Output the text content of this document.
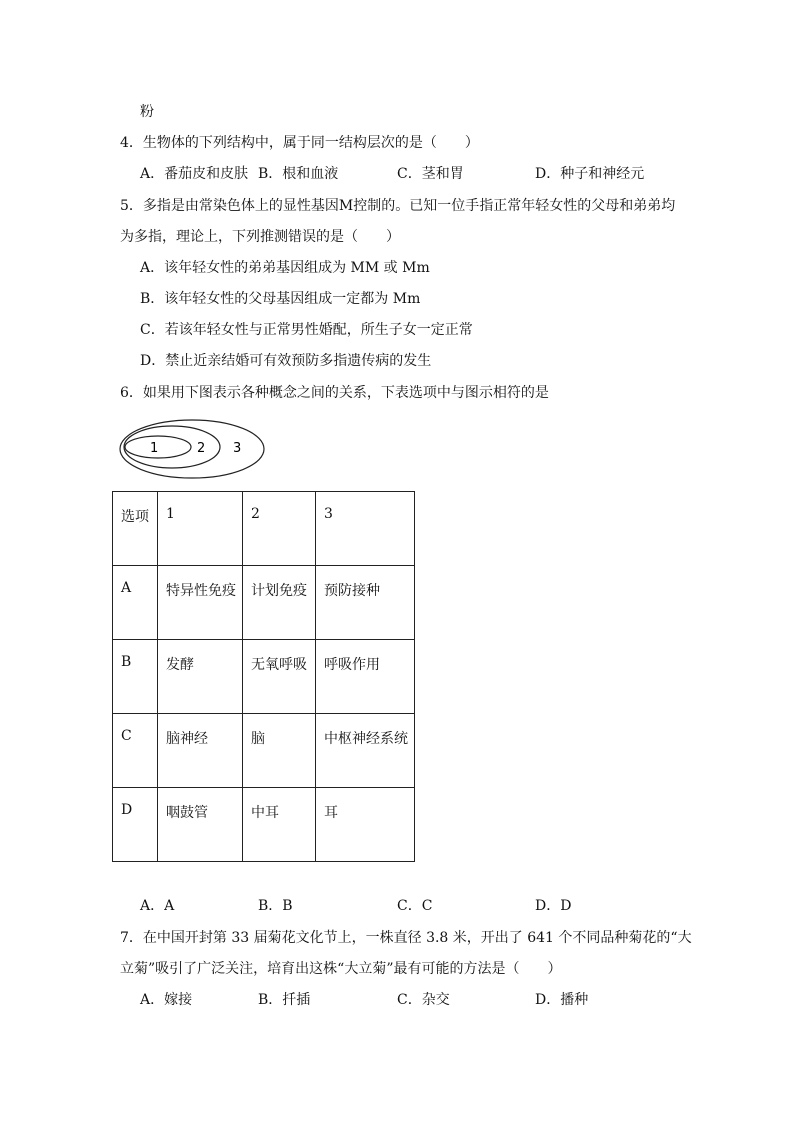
粉
4．生物体的下列结构中，属于同一结构层次的是（　　）
A．番茄皮和皮肤 B．根和血液	C．茎和胃	D．种子和神经元
5．多指是由常染色体上的显性基因M控制的。已知一位手指正常年轻女性的父母和弟弟均
为多指，理论上，下列推测错误的是（　　）
A．该年轻女性的弟弟基因组成为 MM 或 Mm
B．该年轻女性的父母基因组成一定都为 Mm
C．若该年轻女性与正常男性婚配，所生子女一定正常
D．禁止近亲结婚可有效预防多指遗传病的发生
6．如果用下图表示各种概念之间的关系，下表选项中与图示相符的是
1	2 3
选项	1	2	3
A	特异性免疫	计划免疫	预防接种
B	发酵	无氧呼吸	呼吸作用
C	脑神经	脑	中枢神经系统
D	咽鼓管	中耳	耳
A．A	B．B	C．C	D．D
7．在中国开封第 33 届菊花文化节上，一株直径 3.8 米，开出了 641 个不同品种菊花的“大
立菊”吸引了广泛关注，培育出这株“大立菊”最有可能的方法是（　　）
A．嫁接	B．扦插	C．杂交	D．播种
